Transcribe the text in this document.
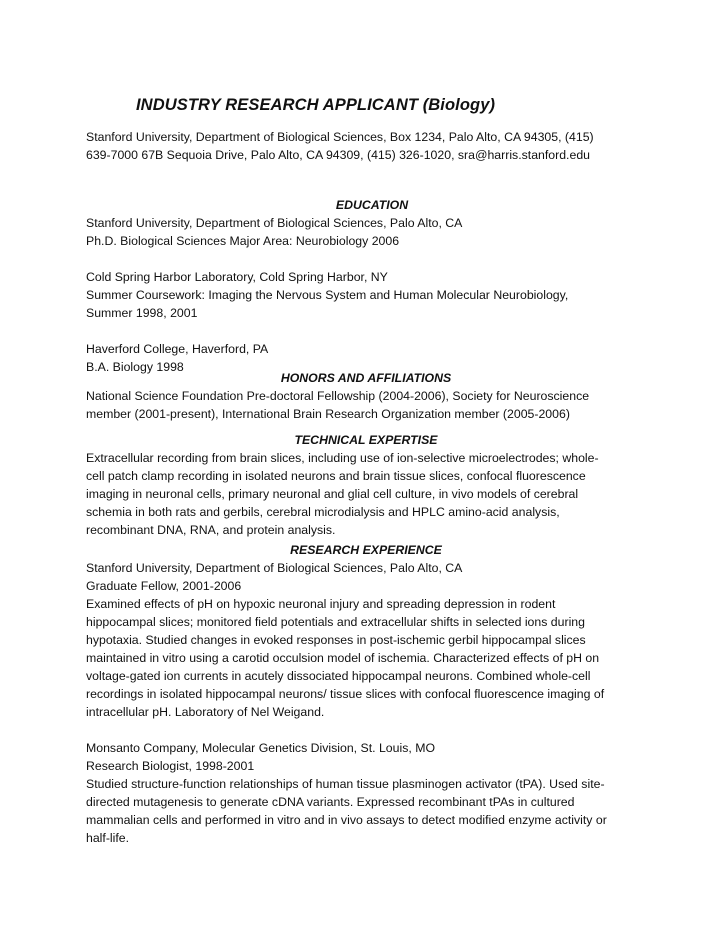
INDUSTRY RESEARCH APPLICANT (Biology)
Stanford University, Department of Biological Sciences, Box 1234, Palo Alto, CA 94305, (415)
639-7000 67B Sequoia Drive, Palo Alto, CA 94309, (415) 326-1020, sra@harris.stanford.edu
EDUCATION
Stanford University, Department of Biological Sciences, Palo Alto, CA
Ph.D. Biological Sciences Major Area: Neurobiology 2006
Cold Spring Harbor Laboratory, Cold Spring Harbor, NY
Summer Coursework: Imaging the Nervous System and Human Molecular Neurobiology,
Summer 1998, 2001
Haverford College, Haverford, PA
B.A. Biology 1998
HONORS AND AFFILIATIONS
National Science Foundation Pre-doctoral Fellowship (2004-2006), Society for Neuroscience
member (2001-present), International Brain Research Organization member (2005-2006)
TECHNICAL EXPERTISE
Extracellular recording from brain slices, including use of ion-selective microelectrodes; whole-
cell patch clamp recording in isolated neurons and brain tissue slices, confocal fluorescence
imaging in neuronal cells, primary neuronal and glial cell culture, in vivo models of cerebral
schemia in both rats and gerbils, cerebral microdialysis and HPLC amino-acid analysis,
recombinant DNA, RNA, and protein analysis.
RESEARCH EXPERIENCE
Stanford University, Department of Biological Sciences, Palo Alto, CA
Graduate Fellow, 2001-2006
Examined effects of pH on hypoxic neuronal injury and spreading depression in rodent
hippocampal slices; monitored field potentials and extracellular shifts in selected ions during
hypotaxia. Studied changes in evoked responses in post-ischemic gerbil hippocampal slices
maintained in vitro using a carotid occulsion model of ischemia. Characterized effects of pH on
voltage-gated ion currents in acutely dissociated hippocampal neurons. Combined whole-cell
recordings in isolated hippocampal neurons/ tissue slices with confocal fluorescence imaging of
intracellular pH. Laboratory of Nel Weigand.
Monsanto Company, Molecular Genetics Division, St. Louis, MO
Research Biologist, 1998-2001
Studied structure-function relationships of human tissue plasminogen activator (tPA). Used site-
directed mutagenesis to generate cDNA variants. Expressed recombinant tPAs in cultured
mammalian cells and performed in vitro and in vivo assays to detect modified enzyme activity or
half-life.
